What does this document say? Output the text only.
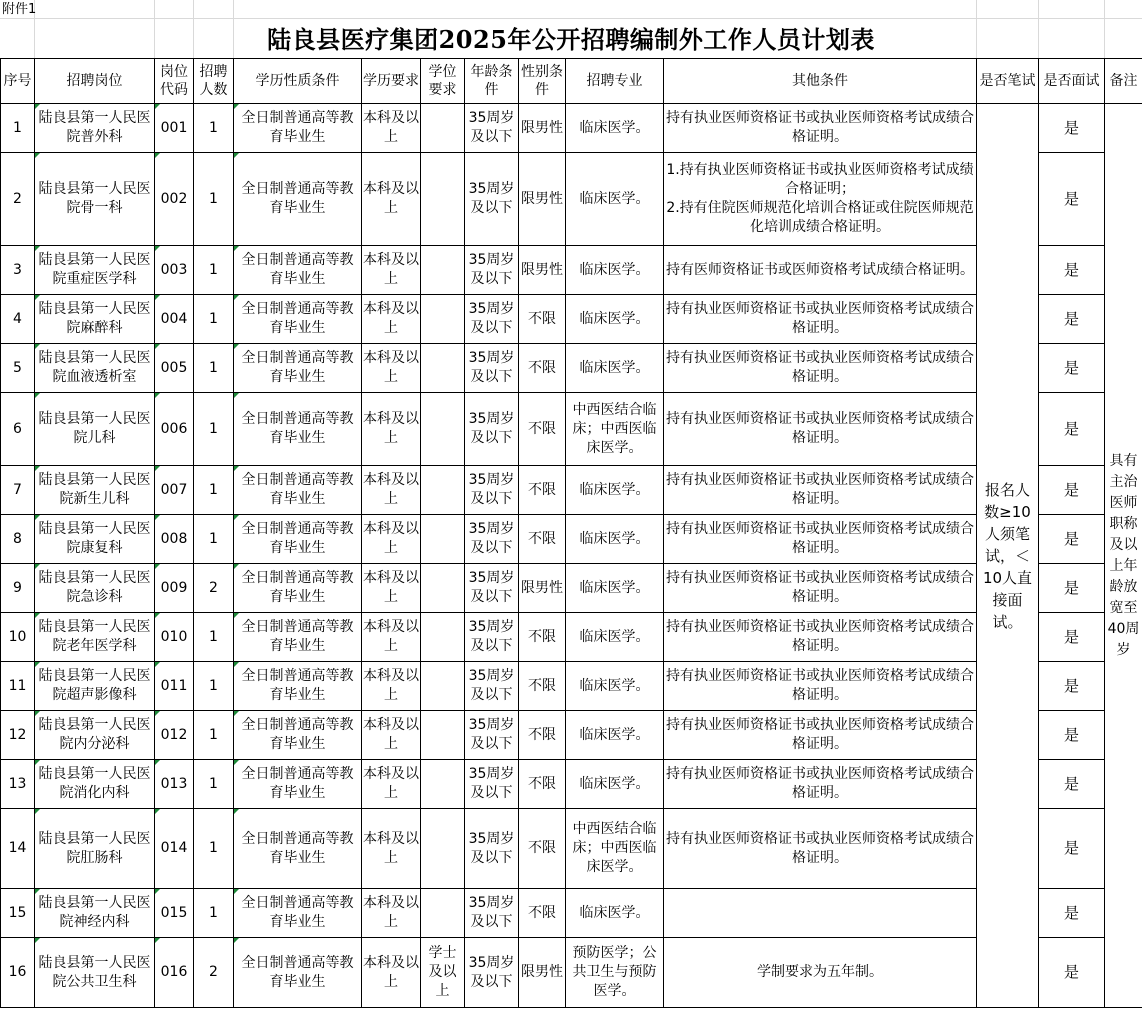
附件1
陆良县医疗集团2025年公开招聘编制外工作人员计划表
序号	招聘岗位	岗位代码	招聘人数	学历性质条件	学历要求	学位要求	年龄条件	性别条件	招聘专业	其他条件	是否笔试	是否面试	备注
1	陆良县第一人民医院普外科	001	1	全日制普通高等教育毕业生	本科及以上		35周岁及以下	限男性	临床医学。	持有执业医师资格证书或执业医师资格考试成绩合格证明。	报名人数≥10人须笔试，＜10人直接面试。	是	具有主治医师职称及以上年龄放宽至40周岁
2	陆良县第一人民医院骨一科	002	1	全日制普通高等教育毕业生	本科及以上		35周岁及以下	限男性	临床医学。	1.持有执业医师资格证书或执业医师资格考试成绩合格证明；
2.持有住院医师规范化培训合格证或住院医师规范化培训成绩合格证明。		是	
3	陆良县第一人民医院重症医学科	003	1	全日制普通高等教育毕业生	本科及以上		35周岁及以下	限男性	临床医学。	持有医师资格证书或医师资格考试成绩合格证明。		是	
4	陆良县第一人民医院麻醉科	004	1	全日制普通高等教育毕业生	本科及以上		35周岁及以下	不限	临床医学。	持有执业医师资格证书或执业医师资格考试成绩合格证明。		是	
5	陆良县第一人民医院血液透析室	005	1	全日制普通高等教育毕业生	本科及以上		35周岁及以下	不限	临床医学。	持有执业医师资格证书或执业医师资格考试成绩合格证明。		是	
6	陆良县第一人民医院儿科	006	1	全日制普通高等教育毕业生	本科及以上		35周岁及以下	不限	中西医结合临床；中西医临床医学。	持有执业医师资格证书或执业医师资格考试成绩合格证明。		是	
7	陆良县第一人民医院新生儿科	007	1	全日制普通高等教育毕业生	本科及以上		35周岁及以下	不限	临床医学。	持有执业医师资格证书或执业医师资格考试成绩合格证明。		是	
8	陆良县第一人民医院康复科	008	1	全日制普通高等教育毕业生	本科及以上		35周岁及以下	不限	临床医学。	持有执业医师资格证书或执业医师资格考试成绩合格证明。		是	
9	陆良县第一人民医院急诊科	009	2	全日制普通高等教育毕业生	本科及以上		35周岁及以下	限男性	临床医学。	持有执业医师资格证书或执业医师资格考试成绩合格证明。		是	
10	陆良县第一人民医院老年医学科	010	1	全日制普通高等教育毕业生	本科及以上		35周岁及以下	不限	临床医学。	持有执业医师资格证书或执业医师资格考试成绩合格证明。		是	
11	陆良县第一人民医院超声影像科	011	1	全日制普通高等教育毕业生	本科及以上		35周岁及以下	不限	临床医学。	持有执业医师资格证书或执业医师资格考试成绩合格证明。		是	
12	陆良县第一人民医院内分泌科	012	1	全日制普通高等教育毕业生	本科及以上		35周岁及以下	不限	临床医学。	持有执业医师资格证书或执业医师资格考试成绩合格证明。		是	
13	陆良县第一人民医院消化内科	013	1	全日制普通高等教育毕业生	本科及以上		35周岁及以下	不限	临床医学。	持有执业医师资格证书或执业医师资格考试成绩合格证明。		是	
14	陆良县第一人民医院肛肠科	014	1	全日制普通高等教育毕业生	本科及以上		35周岁及以下	不限	中西医结合临床；中西医临床医学。	持有执业医师资格证书或执业医师资格考试成绩合格证明。		是	
15	陆良县第一人民医院神经内科	015	1	全日制普通高等教育毕业生	本科及以上		35周岁及以下	不限	临床医学。			是	
16	陆良县第一人民医院公共卫生科	016	2	全日制普通高等教育毕业生	本科及以上	学士及以上	35周岁及以下	限男性	预防医学；公共卫生与预防医学。	学制要求为五年制。		是	
